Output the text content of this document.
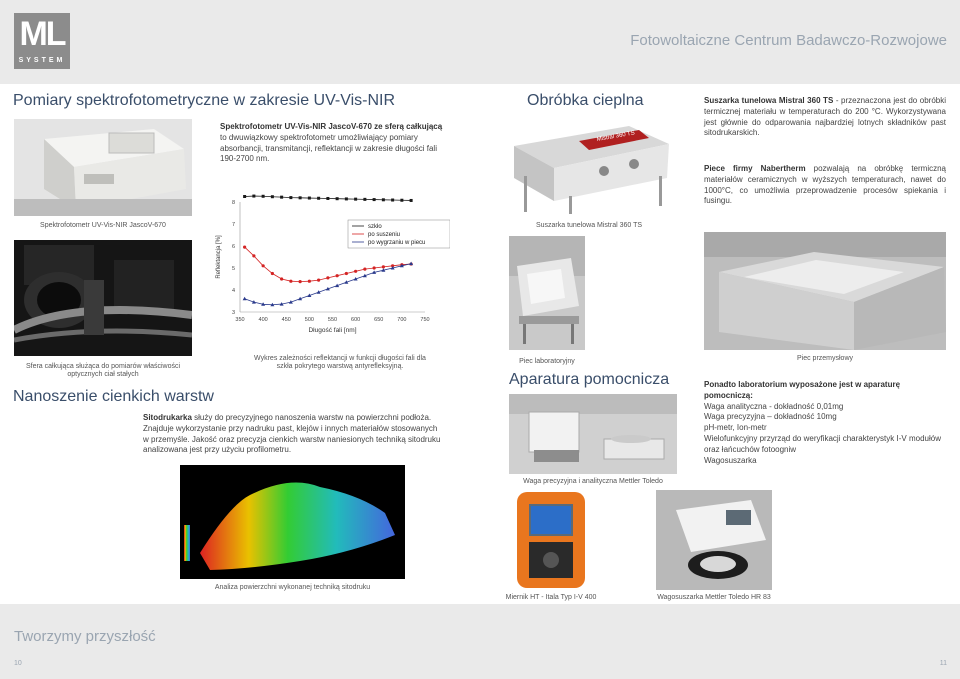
ML
SYSTEM
Fotowoltaiczne Centrum Badawczo-Rozwojowe
Pomiary spektrofotometryczne w zakresie UV-Vis-NIR
Spektrofotometr UV-Vis-NIR JascoV-670 ze sferą całkującą to dwuwiązkowy spektrofotometr umożliwiający pomiary absorbancji, transmitancji, reflektancji w zakresie długości fali 190-2700 nm.
Spektrofotometr UV-Vis-NIR JascoV-670
Sfera całkująca służąca do pomiarów właściwości optycznych ciał stałych
350	400	450	500	550	600	650	700	750
3
4
5
6
7
8
Długość fali [nm]
Reflektancja [%]
szkło
po suszeniu
po wygrzaniu w piecu
Wykres zależności reflektancji w funkcji długości fali dla szkła pokrytego warstwą antyrefleksyjną.
Nanoszenie cienkich warstw
Sitodrukarka służy do precyzyjnego nanoszenia warstw na powierzchni podłoża. Znajduje wykorzystanie przy nadruku past, klejów i innych materiałów stosowanych w przemyśle. Jakość oraz precyzja cienkich warstw naniesionych techniką sitodruku analizowana jest przy użyciu profilometru.
Analiza powierzchni wykonanej techniką sitodruku
Obróbka cieplna
Mistral 360 TS
Suszarka tunelowa Mistral 360 TS
Suszarka tunelowa Mistral 360 TS - przeznaczona jest do obróbki termicznej materiału w temperaturach do 200 °C. Wykorzystywana jest głównie do odparowania najbardziej lotnych składników past sitodrukarskich.
Piece firmy Nabertherm pozwalają na obróbkę termiczną materiałów ceramicznych w wyższych temperaturach, nawet do 1000°C, co umożliwia przeprowadzenie procesów spiekania i fusingu.
Piec laboratoryjny	Piec przemysłowy
Aparatura pomocnicza
Waga precyzyjna i analityczna Mettler Toledo
Ponadto laboratorium wyposażone jest w aparaturę pomocniczą:
Waga analityczna - dokładność 0,01mg
Waga precyzyjna – dokładność 10mg
pH-metr, Ion-metr
Wielofunkcyjny przyrząd do weryfikacji charakterystyk I-V modułów oraz łańcuchów fotoogniw
Wagosuszarka
Miernik HT - Itala Typ I-V 400	Wagosuszarka Mettler Toledo HR 83
Tworzymy przyszłość
10	11
